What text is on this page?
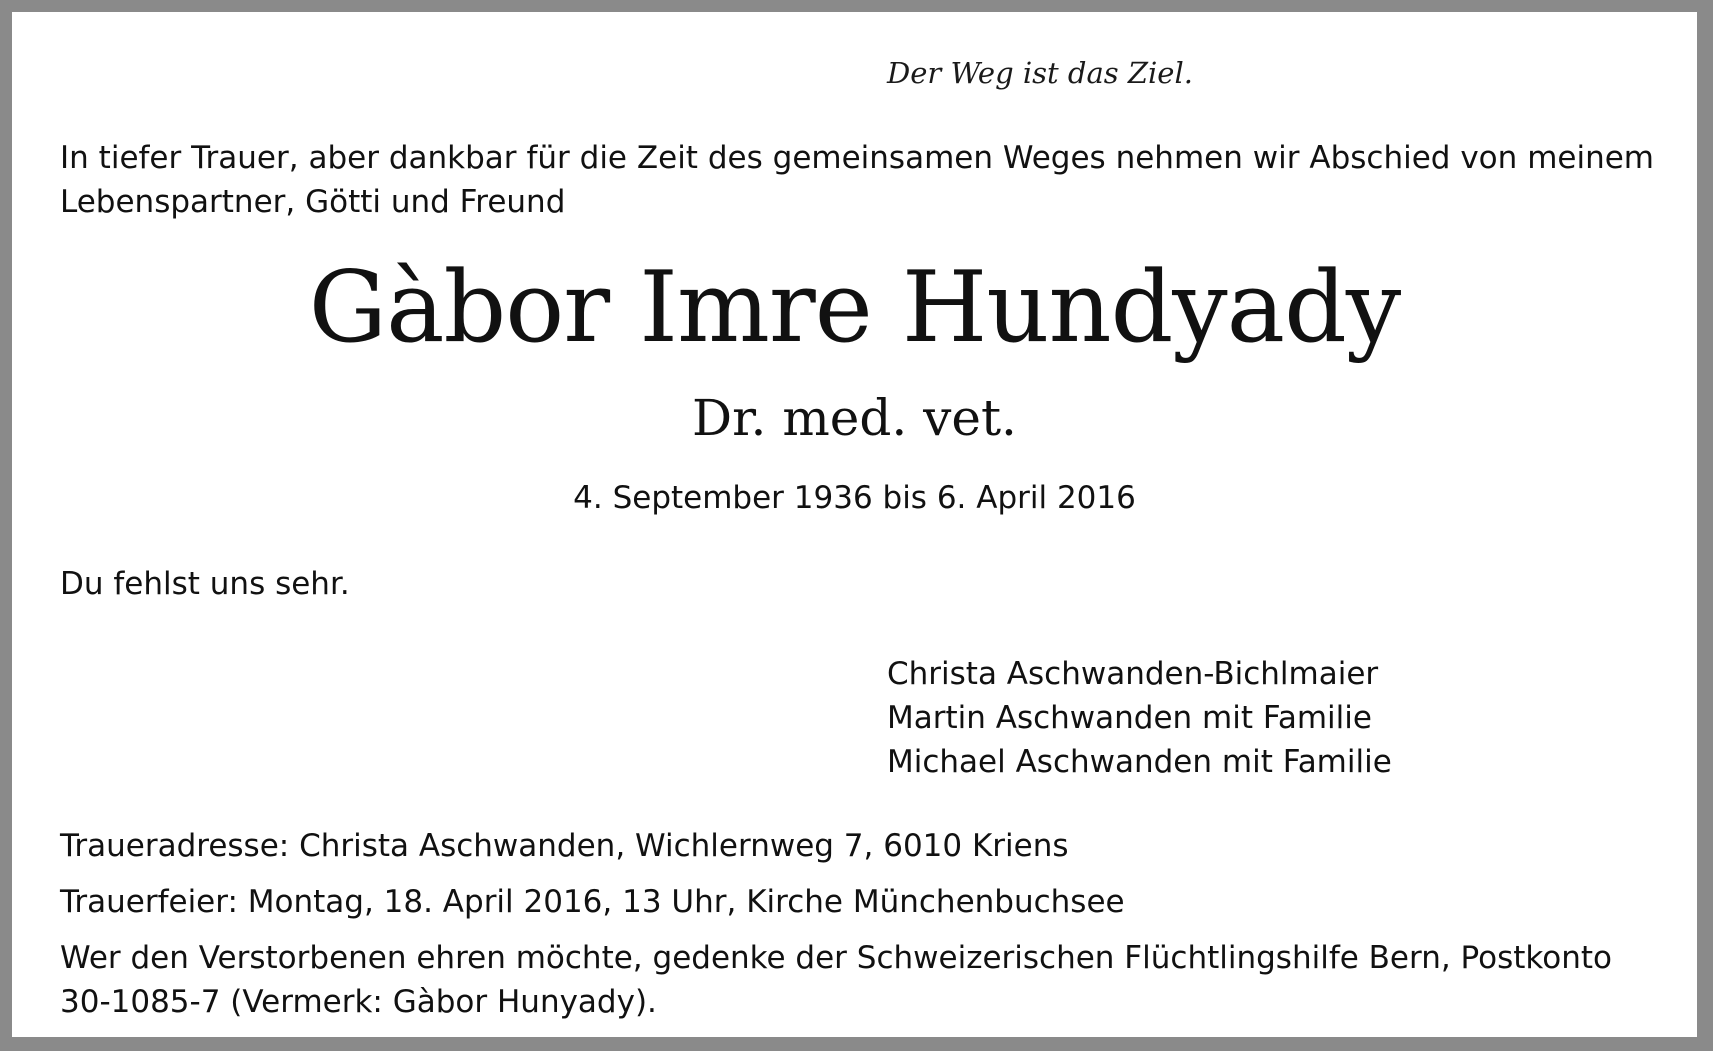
Der Weg ist das Ziel.
In tiefer Trauer, aber dankbar für die Zeit des gemeinsamen Weges nehmen wir Abschied von meinem Lebenspartner, Götti und Freund
Gàbor Imre Hundyady
Dr. med. vet.
4. September 1936 bis 6. April 2016
Du fehlst uns sehr.
Christa Aschwanden-Bichlmaier
Martin Aschwanden mit Familie
Michael Aschwanden mit Familie
Traueradresse: Christa Aschwanden, Wichlernweg 7, 6010 Kriens
Trauerfeier: Montag, 18. April 2016, 13 Uhr, Kirche Münchenbuchsee
Wer den Verstorbenen ehren möchte, gedenke der Schweizerischen Flüchtlingshilfe Bern, Postkonto 30-1085-7 (Vermerk: Gàbor Hunyady).
